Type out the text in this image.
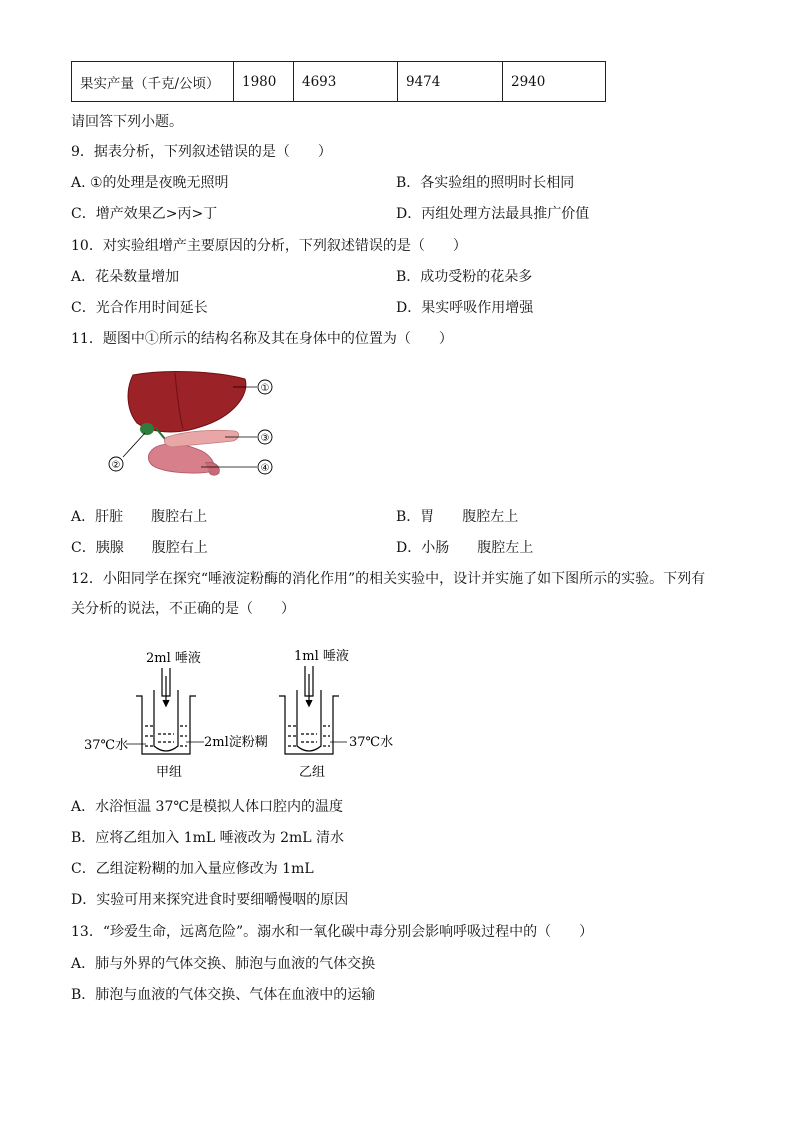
果实产量（千克/公顷）	1980	4693	9474	2940
请回答下列小题。
9．据表分析，下列叙述错误的是（　　）
A. ①的处理是夜晚无照明	B．各实验组的照明时长相同
C．增产效果乙>丙>丁	D．丙组处理方法最具推广价值
10．对实验组增产主要原因的分析，下列叙述错误的是（　　）
A．花朵数量增加	B．成功受粉的花朵多
C．光合作用时间延长	D．果实呼吸作用增强
11．题图中①所示的结构名称及其在身体中的位置为（　　）
①
②
③
④
A．肝脏　　腹腔右上	B．胃　　腹腔左上
C．胰腺　　腹腔右上	D．小肠　　腹腔左上
12．小阳同学在探究“唾液淀粉酶的消化作用”的相关实验中，设计并实施了如下图所示的实验。下列有
关分析的说法，不正确的是（　　）
2ml 唾液	1ml 唾液
37℃水	2ml淀粉糊	37℃水
甲组	乙组
A．水浴恒温 37℃是模拟人体口腔内的温度
B．应将乙组加入 1mL 唾液改为 2mL 清水
C．乙组淀粉糊的加入量应修改为 1mL
D．实验可用来探究进食时要细嚼慢咽的原因
13．“珍爱生命，远离危险”。溺水和一氧化碳中毒分别会影响呼吸过程中的（　　）
A．肺与外界的气体交换、肺泡与血液的气体交换
B．肺泡与血液的气体交换、气体在血液中的运输
